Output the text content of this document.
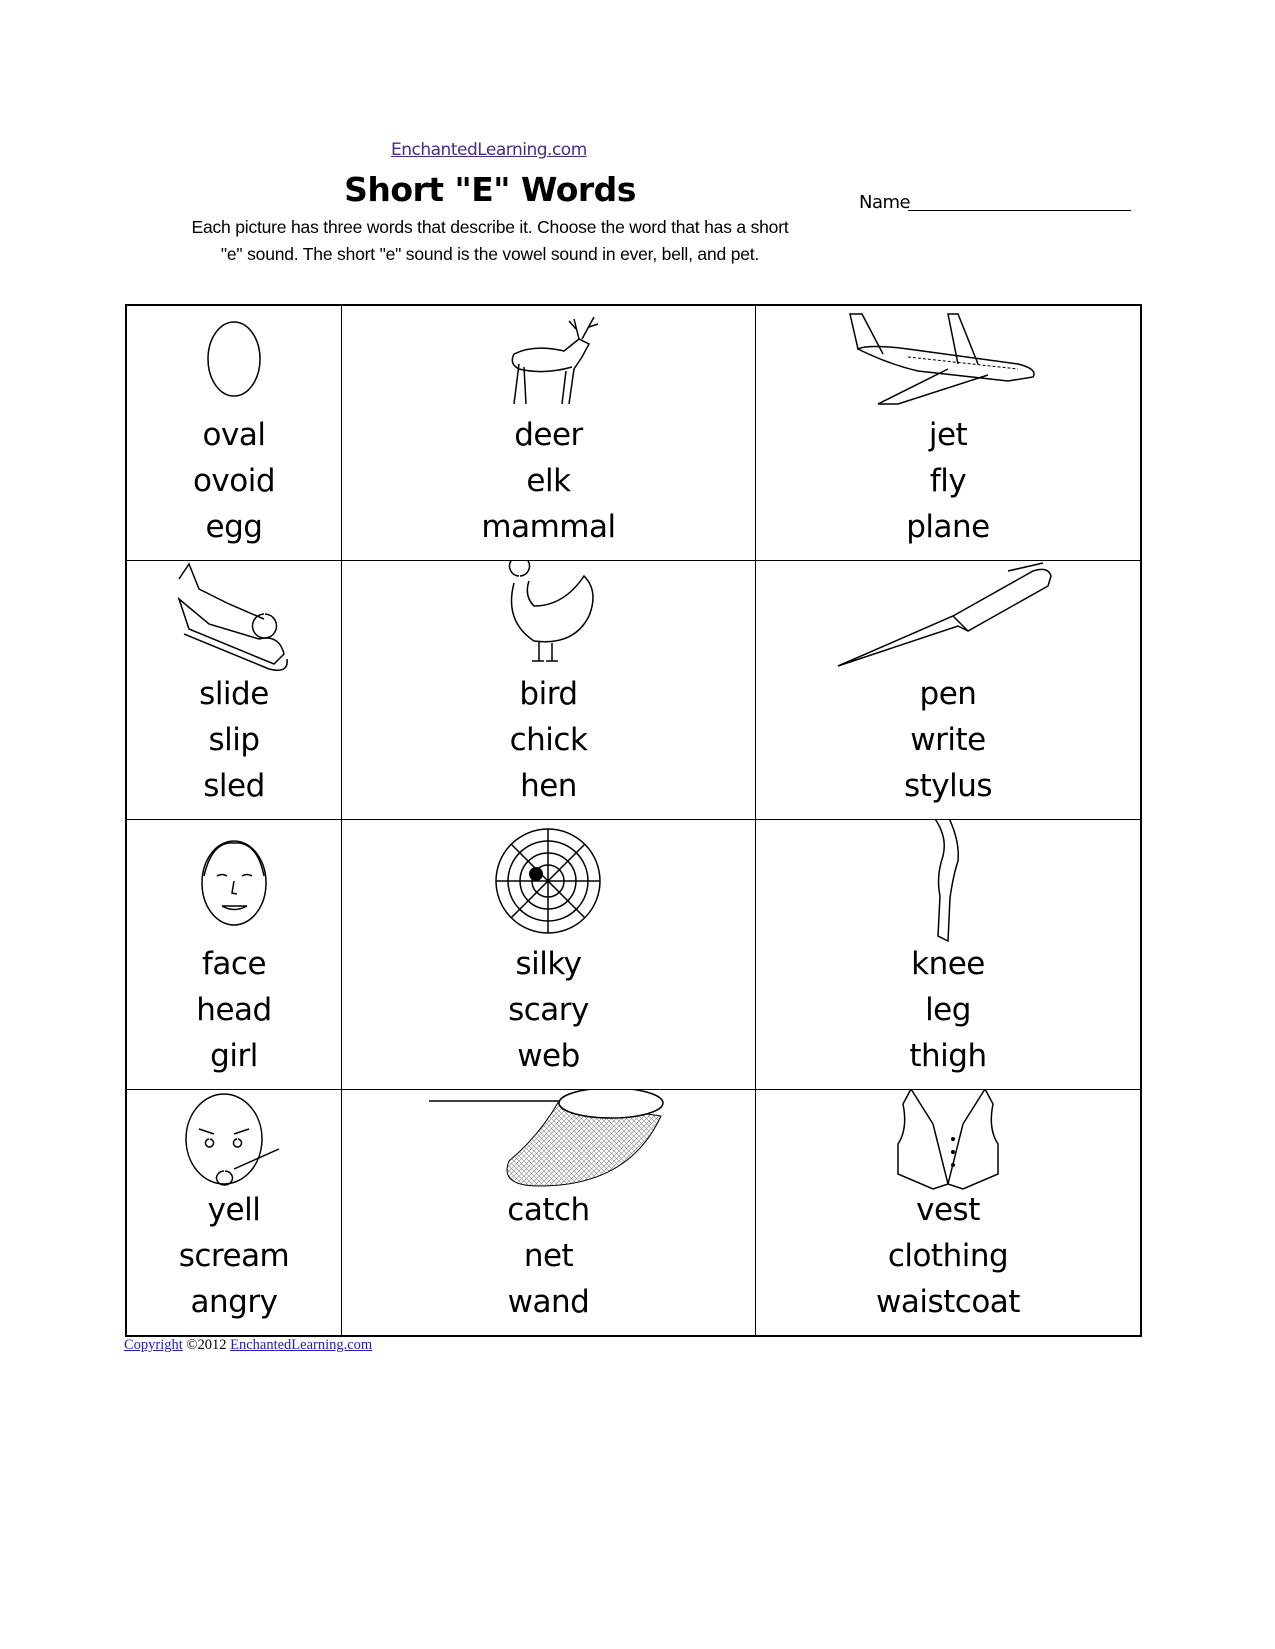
EnchantedLearning.com
Short "E" Words	Name
Each picture has three words that describe it. Choose the word that has a short
"e" sound. The short "e" sound is the vowel sound in ever, bell, and pet.
oval
ovoid
egg
deer
elk
mammal
jet
fly
plane
slide
slip
sled
bird
chick
hen
pen
write
stylus
face
head
girl
silky
scary
web
knee
leg
thigh
yell
scream
angry
catch
net
wand
vest
clothing
waistcoat
Copyright ©2012 EnchantedLearning.com
